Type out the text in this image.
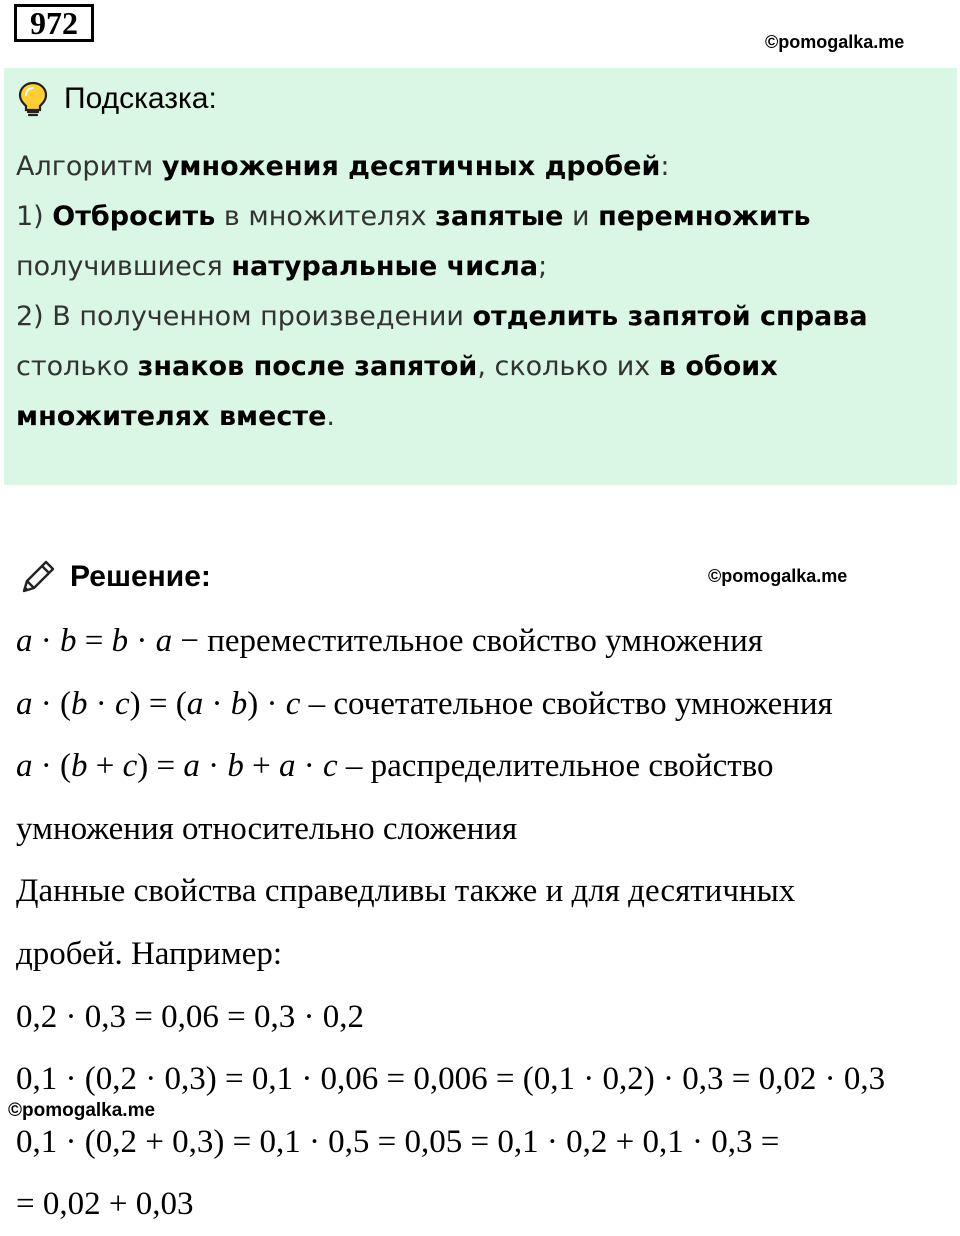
972
©pomogalka.me
Подсказка:
Алгоритм умножения десятичных дробей:
1) Отбросить в множителях запятые и перемножить
получившиеся натуральные числа;
2) В полученном произведении отделить запятой справа
столько знаков после запятой, сколько их в обоих
множителях вместе.
Решение:	©pomogalka.me
a · b = b · a − переместительное свойство умножения
a · (b · c) = (a · b) · c – сочетательное свойство умножения
a · (b + c) = a · b + a · c – распределительное свойство
умножения относительно сложения
Данные свойства справедливы также и для десятичных
дробей. Например:
0,2 · 0,3 = 0,06 = 0,3 · 0,2
0,1 · (0,2 · 0,3) = 0,1 · 0,06 = 0,006 = (0,1 · 0,2) · 0,3 = 0,02 · 0,3
0,1 · (0,2 + 0,3) = 0,1 · 0,5 = 0,05 = 0,1 · 0,2 + 0,1 · 0,3 =
= 0,02 + 0,03
©pomogalka.me
